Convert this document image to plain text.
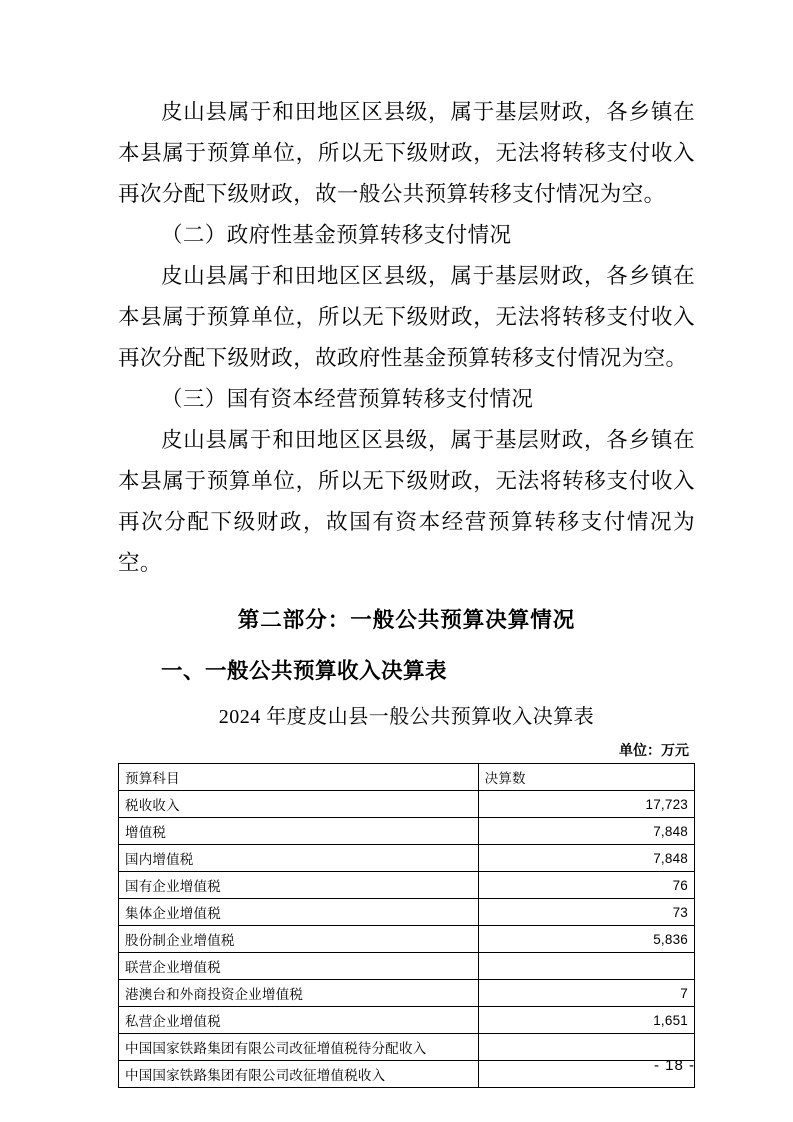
皮山县属于和田地区区县级，属于基层财政，各乡镇在本县属于预算单位，所以无下级财政，无法将转移支付收入再次分配下级财政，故一般公共预算转移支付情况为空。

（二）政府性基金预算转移支付情况

皮山县属于和田地区区县级，属于基层财政，各乡镇在本县属于预算单位，所以无下级财政，无法将转移支付收入再次分配下级财政，故政府性基金预算转移支付情况为空。

（三）国有资本经营预算转移支付情况

皮山县属于和田地区区县级，属于基层财政，各乡镇在本县属于预算单位，所以无下级财政，无法将转移支付收入再次分配下级财政，故国有资本经营预算转移支付情况为空。

第二部分：一般公共预算决算情况
一、一般公共预算收入决算表
2024 年度皮山县一般公共预算收入决算表
单位：万元
预算科目	决算数
税收收入	17,723
增值税	7,848
国内增值税	7,848
国有企业增值税	76
集体企业增值税	73
股份制企业增值税	5,836
联营企业增值税	
港澳台和外商投资企业增值税	7
私营企业增值税	1,651
中国国家铁路集团有限公司改征增值税待分配收入	
中国国家铁路集团有限公司改征增值税收入	
- 18 -
